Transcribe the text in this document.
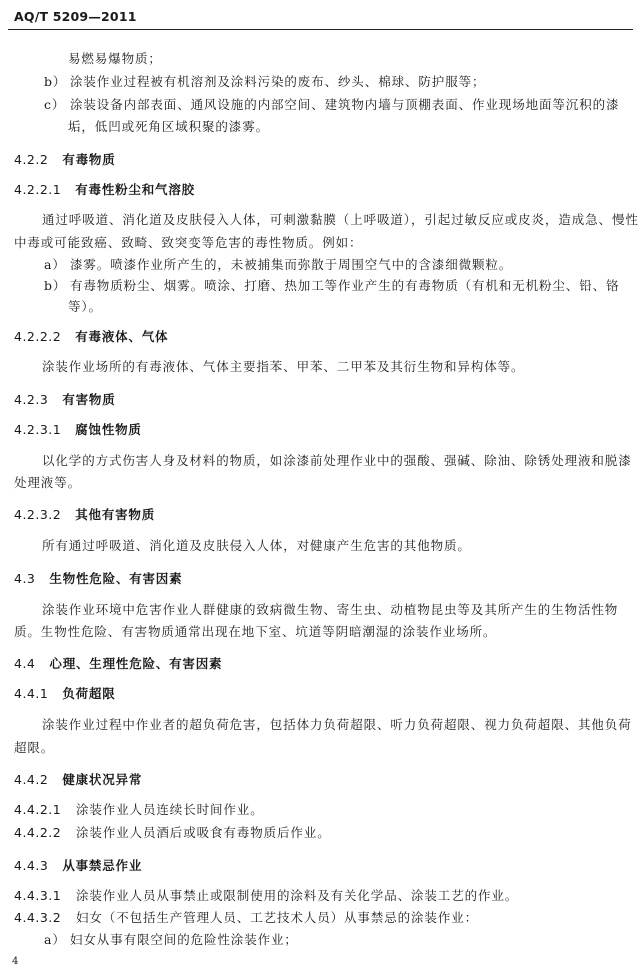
AQ/T 5209—2011
易燃易爆物质；
b） 涂装作业过程被有机溶剂及涂料污染的废布、纱头、棉球、防护服等；
c） 涂装设备内部表面、通风设施的内部空间、建筑物内墙与顶棚表面、作业现场地面等沉积的漆
垢，低凹或死角区域积聚的漆雾。
4.2.2 有毒物质
4.2.2.1 有毒性粉尘和气溶胶
通过呼吸道、消化道及皮肤侵入人体，可刺激黏膜（上呼吸道），引起过敏反应或皮炎，造成急、慢性
中毒或可能致癌、致畸、致突变等危害的毒性物质。例如：
a） 漆雾。喷漆作业所产生的，未被捕集而弥散于周围空气中的含漆细微颗粒。
b） 有毒物质粉尘、烟雾。喷涂、打磨、热加工等作业产生的有毒物质（有机和无机粉尘、铅、铬
等）。
4.2.2.2 有毒液体、气体
涂装作业场所的有毒液体、气体主要指苯、甲苯、二甲苯及其衍生物和异构体等。
4.2.3 有害物质
4.2.3.1 腐蚀性物质
以化学的方式伤害人身及材料的物质，如涂漆前处理作业中的强酸、强碱、除油、除锈处理液和脱漆
处理液等。
4.2.3.2 其他有害物质
所有通过呼吸道、消化道及皮肤侵入人体，对健康产生危害的其他物质。
4.3 生物性危险、有害因素
涂装作业环境中危害作业人群健康的致病微生物、寄生虫、动植物昆虫等及其所产生的生物活性物
质。生物性危险、有害物质通常出现在地下室、坑道等阴暗潮湿的涂装作业场所。
4.4 心理、生理性危险、有害因素
4.4.1 负荷超限
涂装作业过程中作业者的超负荷危害，包括体力负荷超限、听力负荷超限、视力负荷超限、其他负荷
超限。
4.4.2 健康状况异常
4.4.2.1 涂装作业人员连续长时间作业。
4.4.2.2 涂装作业人员酒后或吸食有毒物质后作业。
4.4.3 从事禁忌作业
4.4.3.1 涂装作业人员从事禁止或限制使用的涂料及有关化学品、涂装工艺的作业。
4.4.3.2 妇女（不包括生产管理人员、工艺技术人员）从事禁忌的涂装作业：
a） 妇女从事有限空间的危险性涂装作业；
4
